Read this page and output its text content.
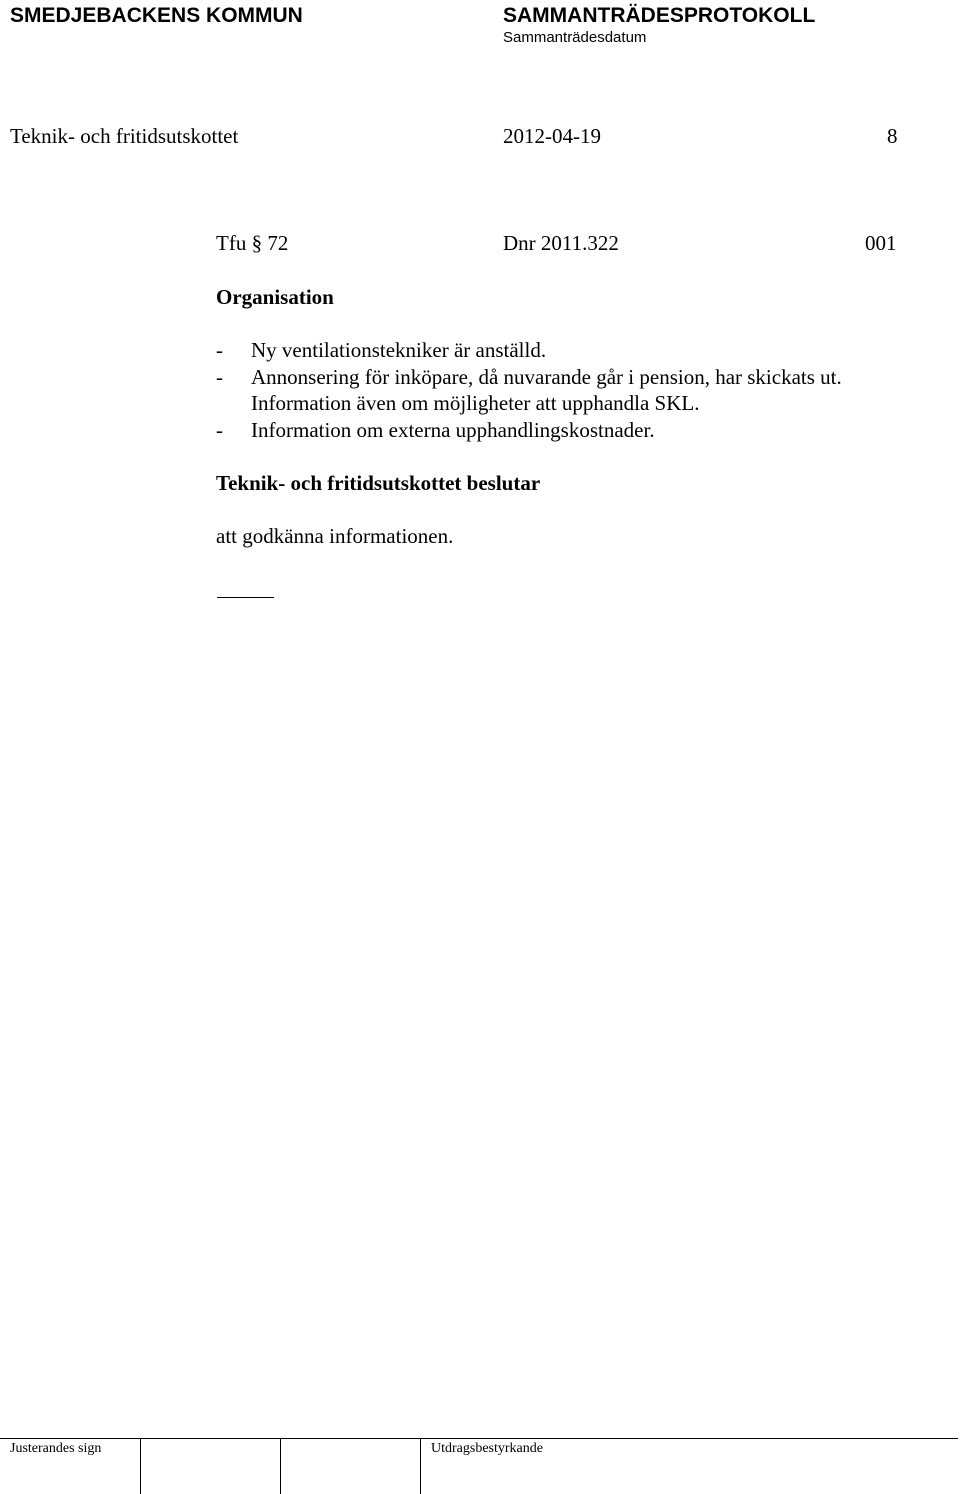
SMEDJEBACKENS KOMMUN	SAMMANTRÄDESPROTOKOLL
Sammanträdesdatum
Teknik- och fritidsutskottet	2012-04-19	8
Tfu § 72	Dnr 2011.322	001
Organisation
-	Ny ventilationstekniker är anställd.
-	Annonsering för inköpare, då nuvarande går i pension, har skickats ut. Information även om möjligheter att upphandla SKL.
-	Information om externa upphandlingskostnader.
Teknik- och fritidsutskottet beslutar
att godkänna informationen.
Justerandes sign	Utdragsbestyrkande
